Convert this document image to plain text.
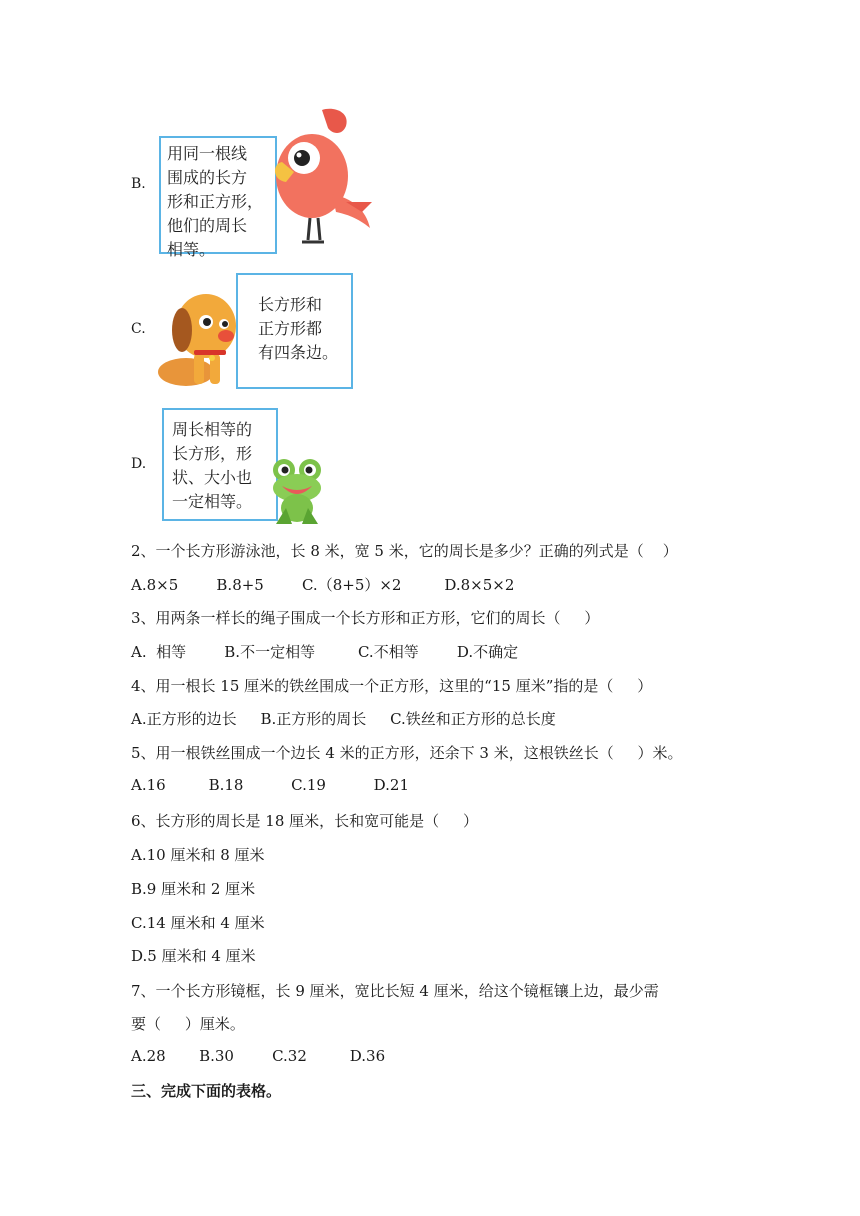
B.
用同一根线
围成的长方
形和正方形，
他们的周长
相等。
C.
长方形和
正方形都
有四条边。
D.
周长相等的
长方形，形
状、大小也
一定相等。
2、一个长方形游泳池，长 8 米，宽 5 米，它的周长是多少？正确的列式是（    ）
A.8×5        B.8+5        C.（8+5）×2         D.8×5×2
3、用两条一样长的绳子围成一个长方形和正方形，它们的周长（     ）
A.  相等        B.不一定相等         C.不相等        D.不确定
4、用一根长 15 厘米的铁丝围成一个正方形，这里的“15 厘米”指的是（     ）
A.正方形的边长     B.正方形的周长     C.铁丝和正方形的总长度
5、用一根铁丝围成一个边长 4 米的正方形，还余下 3 米，这根铁丝长（     ）米。
A.16         B.18          C.19          D.21
6、长方形的周长是 18 厘米，长和宽可能是（     ）
A.10 厘米和 8 厘米
B.9 厘米和 2 厘米
C.14 厘米和 4 厘米
D.5 厘米和 4 厘米
7、一个长方形镜框，长 9 厘米，宽比长短 4 厘米，给这个镜框镶上边，最少需
要（     ）厘米。
A.28       B.30        C.32         D.36
三、完成下面的表格。
